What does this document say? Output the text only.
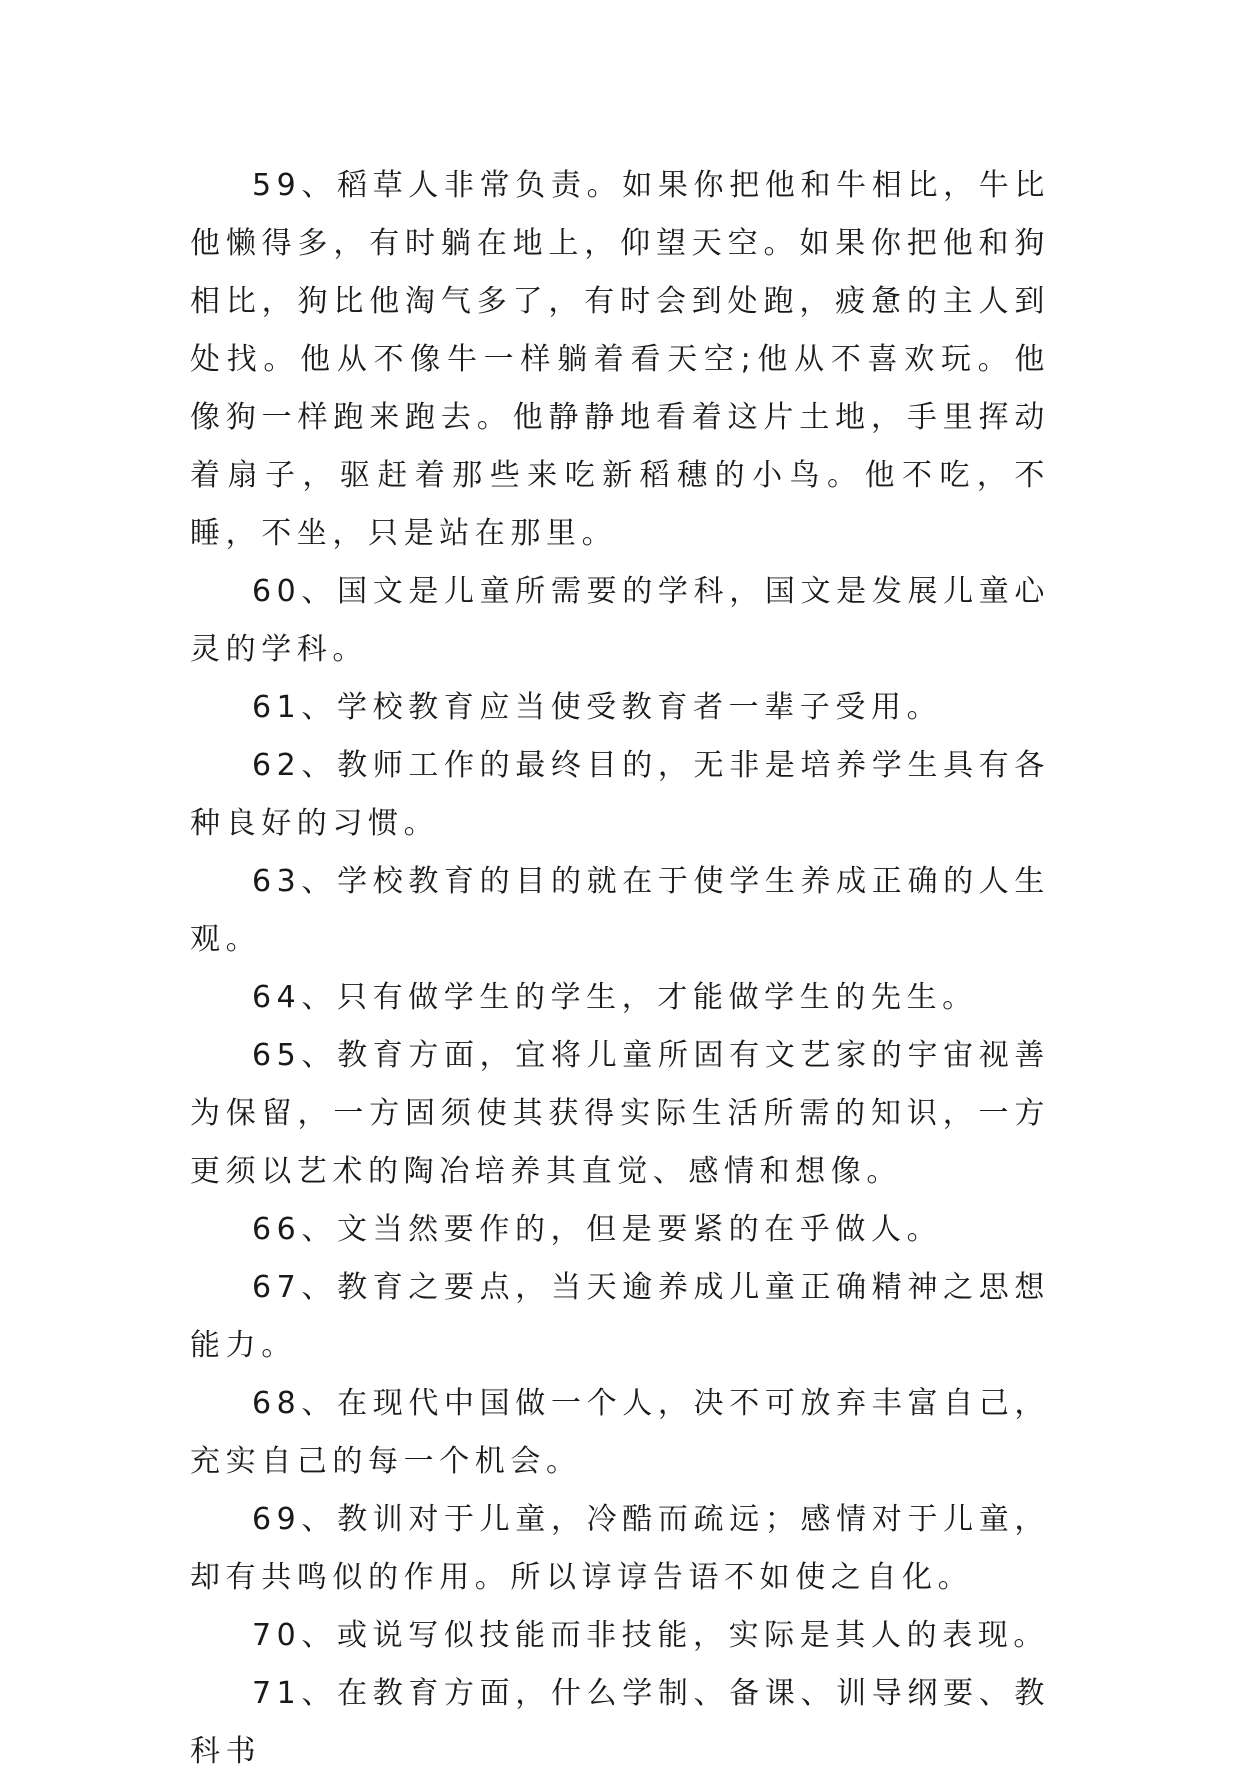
59、稻草人非常负责。如果你把他和牛相比，牛比他懒得多，有时躺在地上，仰望天空。如果你把他和狗相比，狗比他淘气多了，有时会到处跑，疲惫的主人到处找。他从不像牛一样躺着看天空;他从不喜欢玩。他像狗一样跑来跑去。他静静地看着这片土地，手里挥动着扇子，驱赶着那些来吃新稻穗的小鸟。他不吃，不睡，不坐，只是站在那里。

60、国文是儿童所需要的学科，国文是发展儿童心灵的学科。

61、学校教育应当使受教育者一辈子受用。

62、教师工作的最终目的，无非是培养学生具有各种良好的习惯。

63、学校教育的目的就在于使学生养成正确的人生观。

64、只有做学生的学生，才能做学生的先生。

65、教育方面，宜将儿童所固有文艺家的宇宙视善为保留，一方固须使其获得实际生活所需的知识，一方更须以艺术的陶冶培养其直觉、感情和想像。

66、文当然要作的，但是要紧的在乎做人。

67、教育之要点，当天逾养成儿童正确精神之思想能力。

68、在现代中国做一个人，决不可放弃丰富自己，充实自己的每一个机会。

69、教训对于儿童，冷酷而疏远；感情对于儿童，却有共鸣似的作用。所以谆谆告语不如使之自化。

70、或说写似技能而非技能，实际是其人的表现。

71、在教育方面，什么学制、备课、训导纲要、教科书
